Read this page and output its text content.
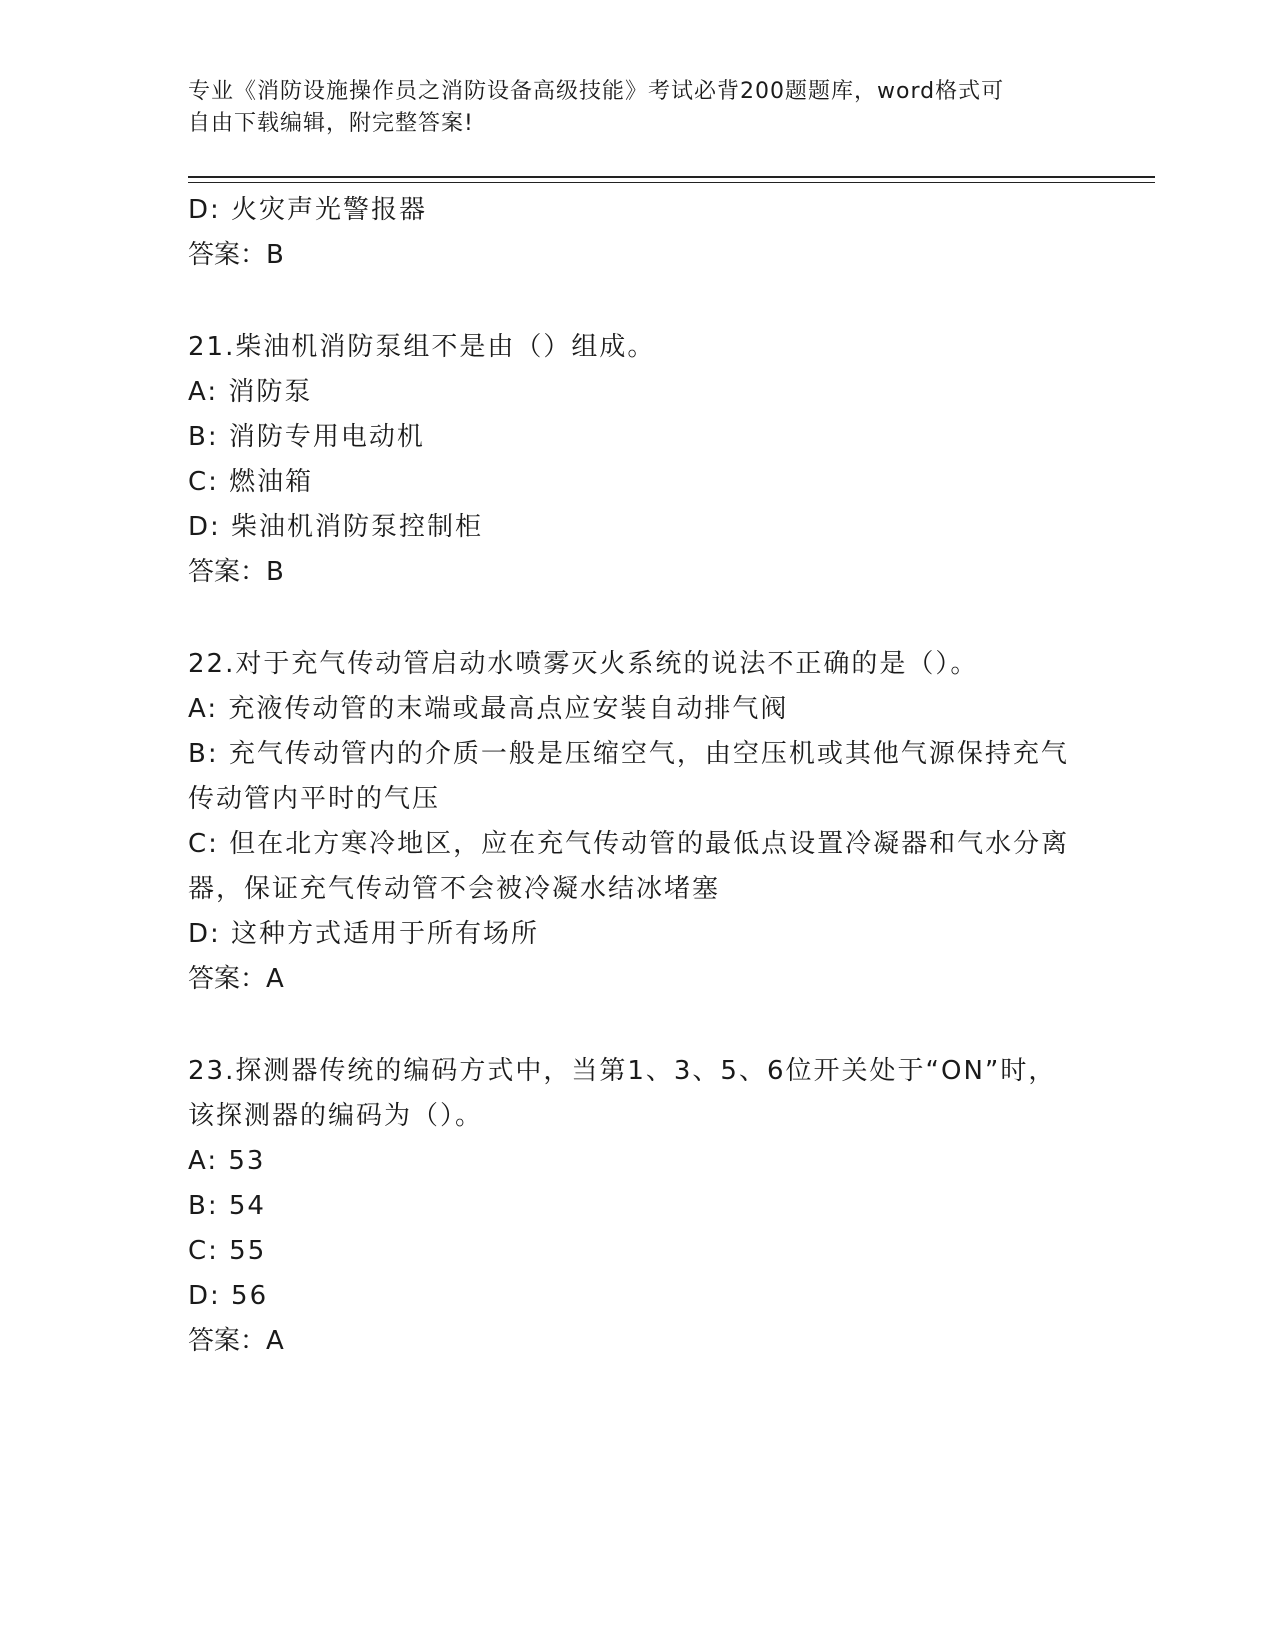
专业《消防设施操作员之消防设备高级技能》考试必背200题题库，word格式可
自由下载编辑，附完整答案!

D: 火灾声光警报器

答案：B

21.柴油机消防泵组不是由（）组成。

A: 消防泵

B: 消防专用电动机

C: 燃油箱

D: 柴油机消防泵控制柜

答案：B

22.对于充气传动管启动水喷雾灭火系统的说法不正确的是（）。

A: 充液传动管的末端或最高点应安装自动排气阀

B: 充气传动管内的介质一般是压缩空气，由空压机或其他气源保持充气传动管内平时的气压

C: 但在北方寒冷地区，应在充气传动管的最低点设置冷凝器和气水分离器，保证充气传动管不会被冷凝水结冰堵塞

D: 这种方式适用于所有场所

答案：A

23.探测器传统的编码方式中，当第1、3、5、6位开关处于“ON”时，该探测器的编码为（）。

A: 53

B: 54

C: 55

D: 56

答案：A
